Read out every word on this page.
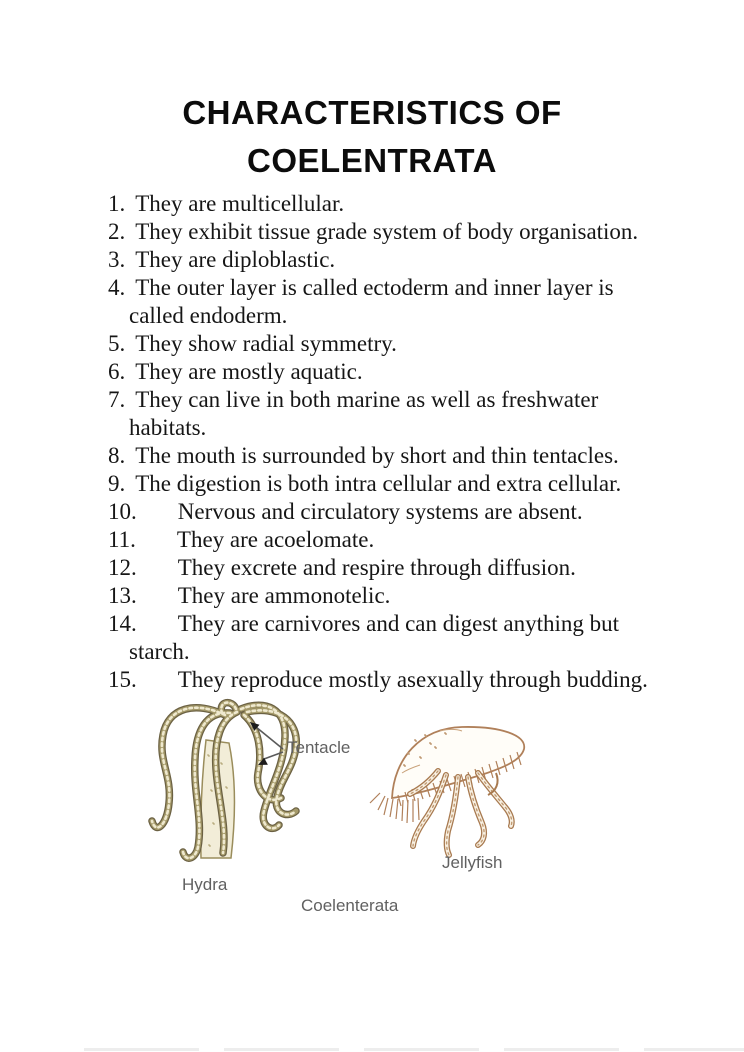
CHARACTERISTICS OF
COELENTRATA
1. They are multicellular.
2. They exhibit tissue grade system of body organisation.
3. They are diploblastic.
4. The outer layer is called ectoderm and inner layer is called endoderm.
5. They show radial symmetry.
6. They are mostly aquatic.
7. They can live in both marine as well as freshwater habitats.
8. The mouth is surrounded by short and thin tentacles.
9. The digestion is both intra cellular and extra cellular.
10. Nervous and circulatory systems are absent.
11. They are acoelomate.
12. They excrete and respire through diffusion.
13. They are ammonotelic.
14. They are carnivores and can digest anything but starch.
15. They reproduce mostly asexually through budding.
Tentacle
Hydra
Jellyfish
Coelenterata
